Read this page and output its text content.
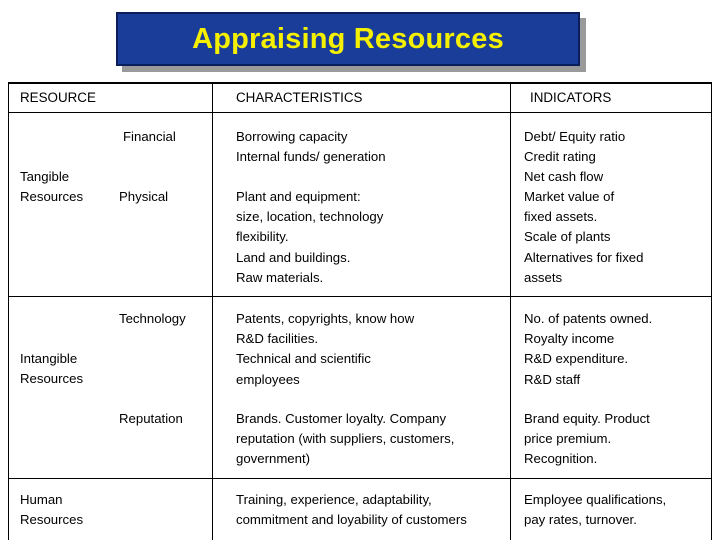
Appraising Resources
RESOURCE	CHARACTERISTICS	INDICATORS
Tangible
Resources
Intangible
Resources
Human
Resources
Financial
Physical
Technology
Reputation
Borrowing capacity
Internal funds/ generation
Plant and equipment:
size, location, technology
flexibility.
Land and buildings.
Raw materials.
Patents, copyrights, know how
R&D facilities.
Technical and scientific
employees
Brands. Customer loyalty. Company
reputation (with suppliers, customers,
government)
Training, experience, adaptability,
commitment and loyability of customers
Debt/ Equity ratio
Credit rating
Net cash flow
Market value of
fixed assets.
Scale of plants
Alternatives for fixed
assets
No. of patents owned.
Royalty income
R&D expenditure.
R&D staff
Brand equity. Product
price premium.
Recognition.
Employee qualifications,
pay rates, turnover.
